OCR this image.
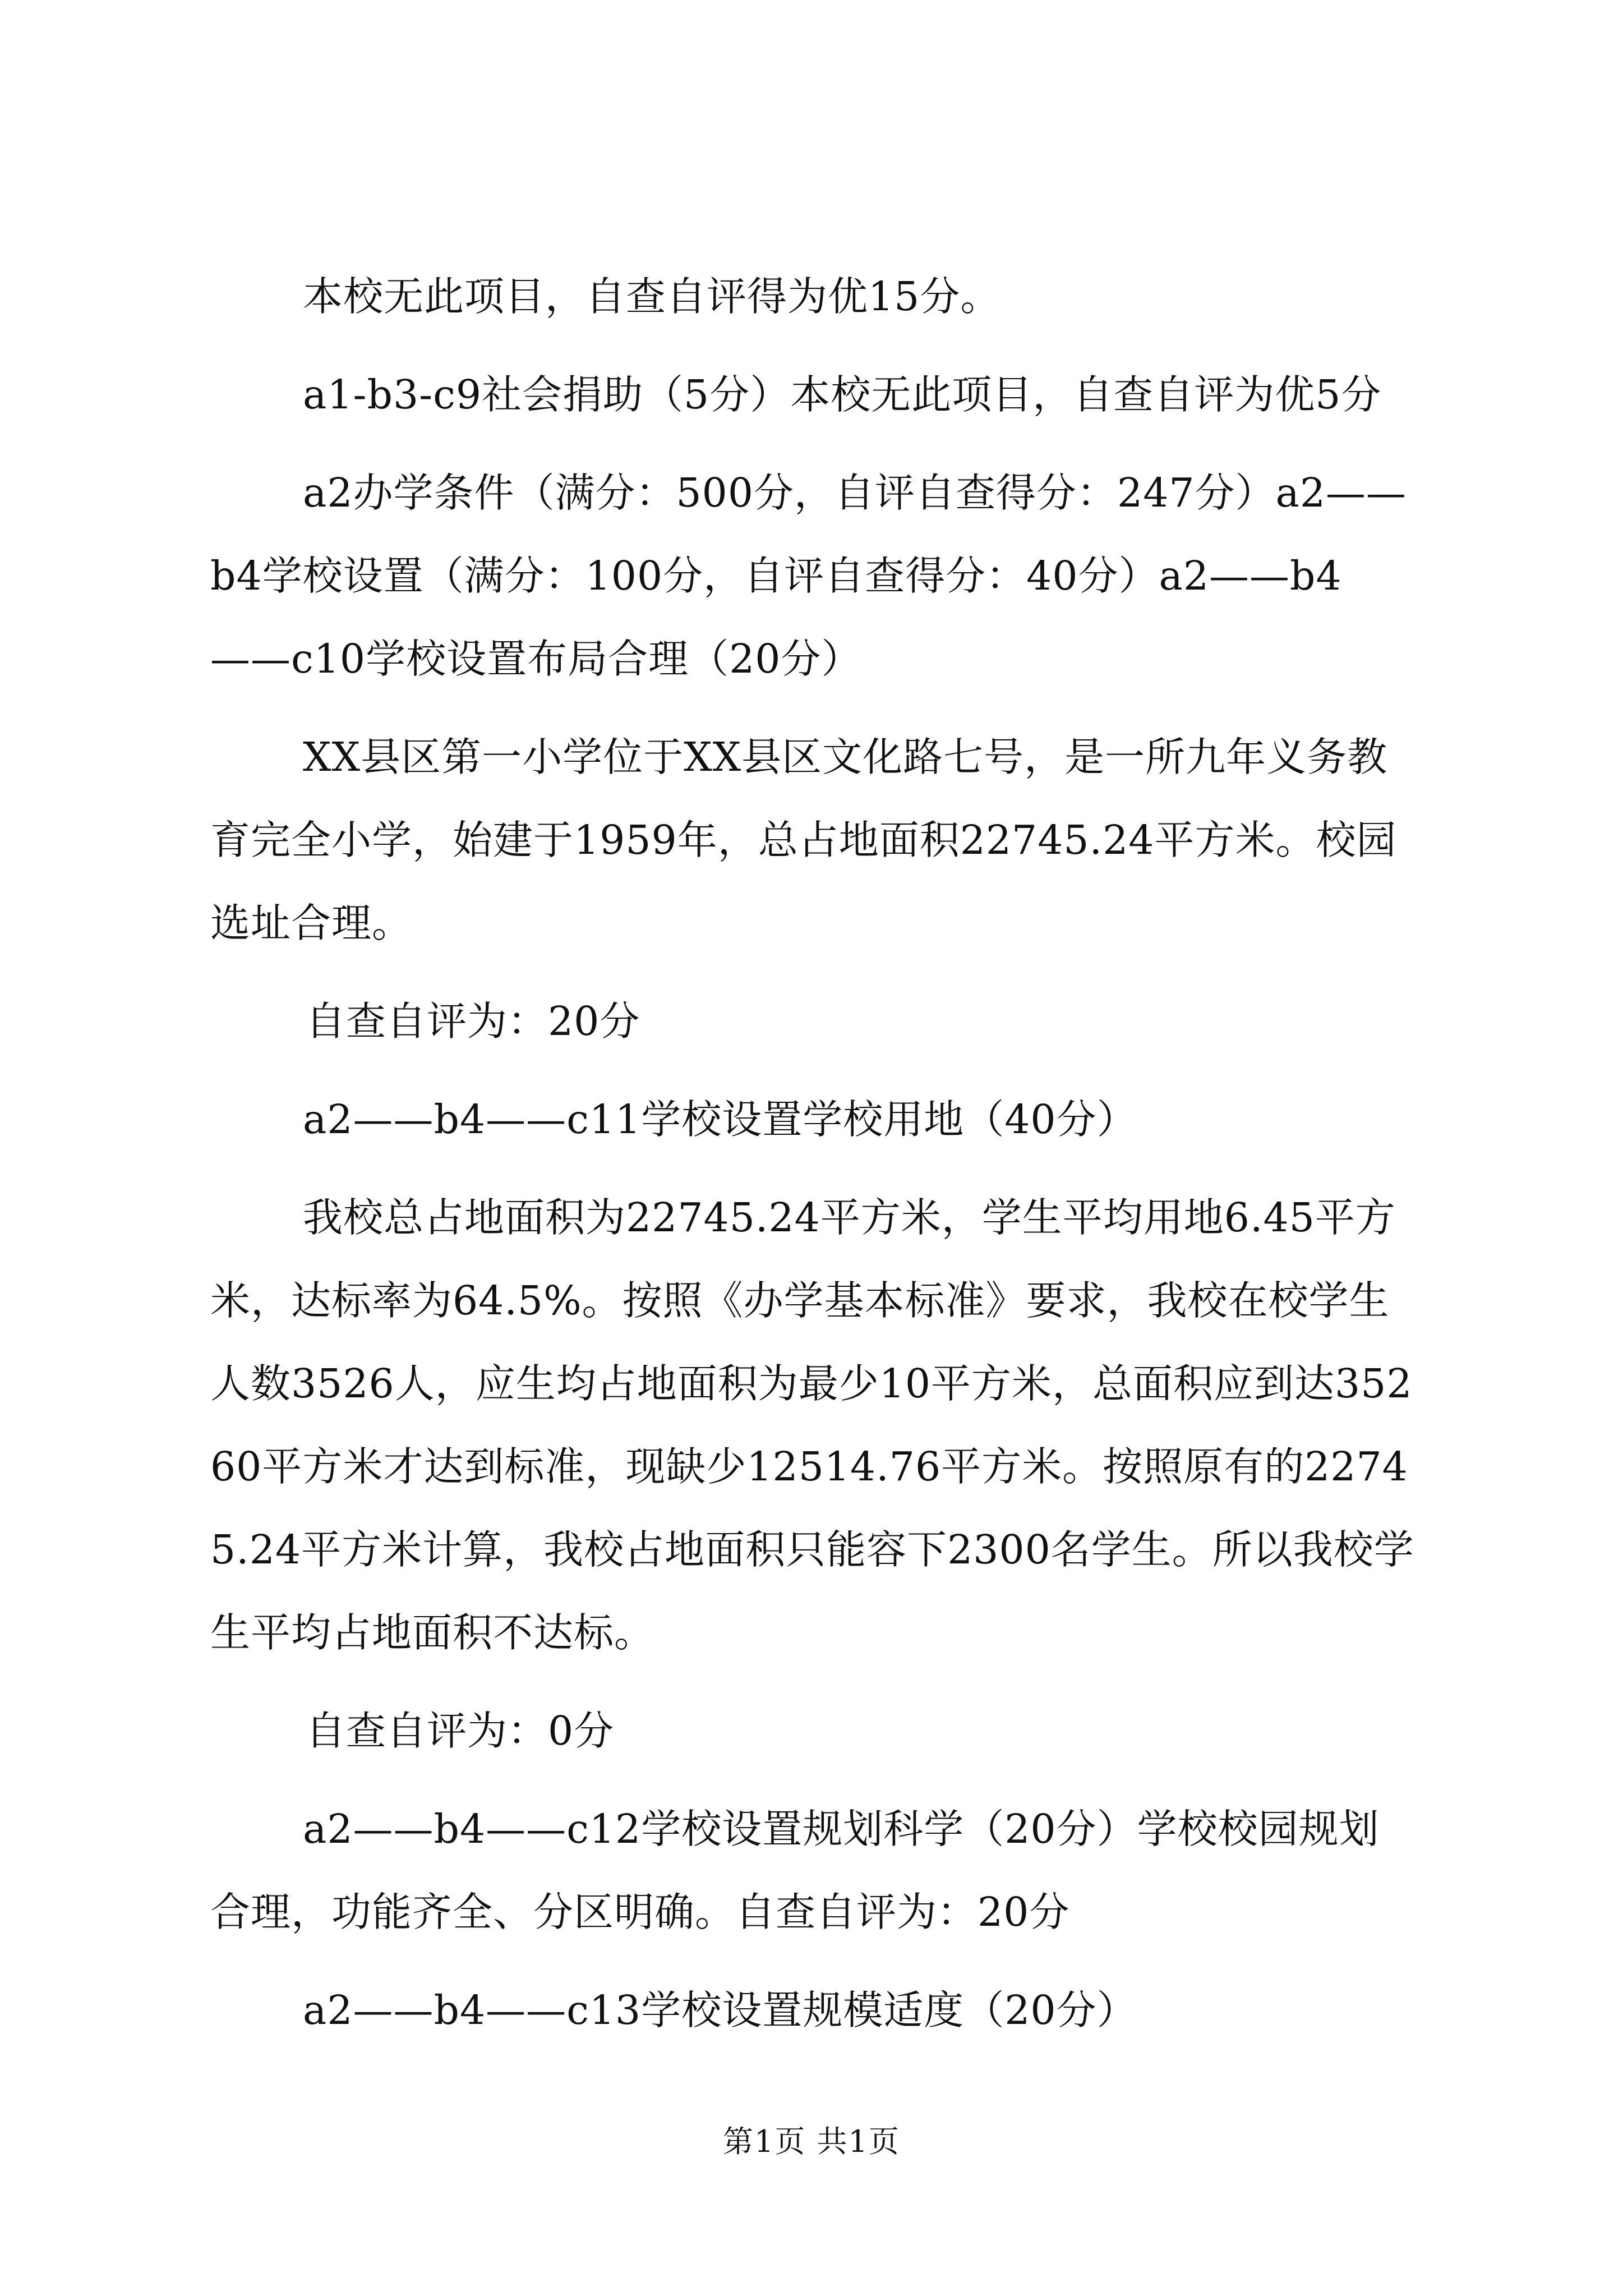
本校无此项目，自查自评得为优15分。

a1-b3-c9社会捐助（5分）本校无此项目，自查自评为优5分

a2办学条件（满分：500分，自评自查得分：247分）a2——b4学校设置（满分：100分，自评自查得分：40分）a2——b4——c10学校设置布局合理（20分）

XX县区第一小学位于XX县区文化路七号，是一所九年义务教育完全小学，始建于1959年，总占地面积22745.24平方米。校园选址合理。

自查自评为：20分

a2——b4——c11学校设置学校用地（40分）

我校总占地面积为22745.24平方米，学生平均用地6.45平方米，达标率为64.5%。按照《办学基本标准》要求，我校在校学生人数3526人，应生均占地面积为最少10平方米，总面积应到达35260平方米才达到标准，现缺少12514.76平方米。按照原有的22745.24平方米计算，我校占地面积只能容下2300名学生。所以我校学生平均占地面积不达标。

自查自评为：0分

a2——b4——c12学校设置规划科学（20分）学校校园规划合理，功能齐全、分区明确。自查自评为：20分

a2——b4——c13学校设置规模适度（20分）

第1页 共1页
